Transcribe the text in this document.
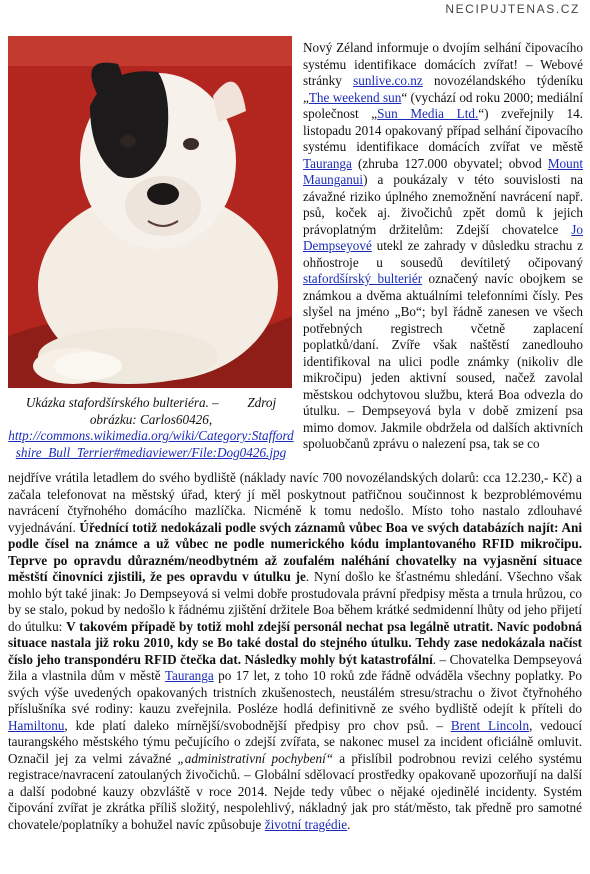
NECIPUJTENAS.CZ
Ukázka stafordšírského bulteriéra. – Zdroj
obrázku: Carlos60426,
http://commons.wikimedia.org/wiki/Category:Staffordshire_Bull_Terrier#mediaviewer/File:Dog0426.jpg
Nový Zéland informuje o dvojím selhání čipovacího systému identifikace domácích zvířat! – Webové stránky sunlive.co.nz novozélandského týdeníku „The weekend sun“ (vychází od roku 2000; mediální společnost „Sun Media Ltd.“) zveřejnily 14. listopadu 2014 opakovaný případ selhání čipovacího systému identifikace domácích zvířat ve městě Tauranga (zhruba 127.000 obyvatel; obvod Mount Maunganui) a poukázaly v této souvislosti na závažné riziko úplného znemožnění navrácení např. psů, koček aj. živočichů zpět domů k jejich právoplatným držitelům: Zdejší chovatelce Jo Dempseyové utekl ze zahrady v důsledku strachu z ohňostroje u sousedů devítiletý očipovaný stafordšírský bulteriér označený navíc obojkem se známkou a dvěma aktuálními telefonními čísly. Pes slyšel na jméno „Bo“; byl řádně zanesen ve všech potřebných registrech včetně zaplacení poplatků/daní. Zvíře však naštěstí zanedlouho identifikoval na ulici podle známky (nikoliv dle mikročipu) jeden aktivní soused, načež zavolal městskou odchytovou službu, která Boa odvezla do útulku. – Dempseyová byla v době zmizení psa mimo domov. Jakmile obdržela od dalších aktivních spoluobčanů zprávu o nalezení psa, tak se co
nejdříve vrátila letadlem do svého bydliště (náklady navíc 700 novozélandských dolarů: cca 12.230,- Kč) a začala telefonovat na městský úřad, který jí měl poskytnout patřičnou součinnost k bezproblémovému navrácení čtyřnohého domácího mazlíčka. Nicméně k tomu nedošlo. Místo toho nastalo zdlouhavé vyjednávání. Úřednící totiž nedokázali podle svých záznamů vůbec Boa ve svých databázích najít: Ani podle čísel na známce a už vůbec ne podle numerického kódu implantovaného RFID mikročipu. Teprve po opravdu důrazném/neodbytném až zoufalém naléhání chovatelky na vyjasnění situace městští činovníci zjistili, že pes opravdu v útulku je. Nyní došlo ke šťastnému shledání. Všechno však mohlo být také jinak: Jo Dempseyová si velmi dobře prostudovala právní předpisy města a trnula hrůzou, co by se stalo, pokud by nedošlo k řádnému zjištění držitele Boa během krátké sedmidenní lhůty od jeho přijetí do útulku: V takovém případě by totiž mohl zdejší personál nechat psa legálně utratit. Navíc podobná situace nastala již roku 2010, kdy se Bo také dostal do stejného útulku. Tehdy zase nedokázala načíst číslo jeho transpondéru RFID čtečka dat. Následky mohly být katastrofální. – Chovatelka Dempseyová žila a vlastnila dům v městě Tauranga po 17 let, z toho 10 roků zde řádně odváděla všechny poplatky. Po svých výše uvedených opakovaných tristních zkušenostech, neustálém stresu/strachu o život čtyřnohého příslušníka své rodiny: kauzu zveřejnila. Posléze hodlá definitivně ze svého bydliště odejít k příteli do Hamiltonu, kde platí daleko mírnější/svobodnější předpisy pro chov psů. – Brent Lincoln, vedoucí taurangského městského týmu pečujícího o zdejší zvířata, se nakonec musel za incident oficiálně omluvit. Označil jej za velmi závažné „administrativní pochybení“ a přislíbil podrobnou revizi celého systému registrace/navracení zatoulaných živočichů. – Globální sdělovací prostředky opakovaně upozorňují na další a další podobné kauzy obzvláště v roce 2014. Nejde tedy vůbec o nějaké ojedinělé incidenty. Systém čipování zvířat je zkrátka příliš složitý, nespolehlivý, nákladný jak pro stát/město, tak předně pro samotné chovatele/poplatníky a bohužel navíc způsobuje životní tragédie.
